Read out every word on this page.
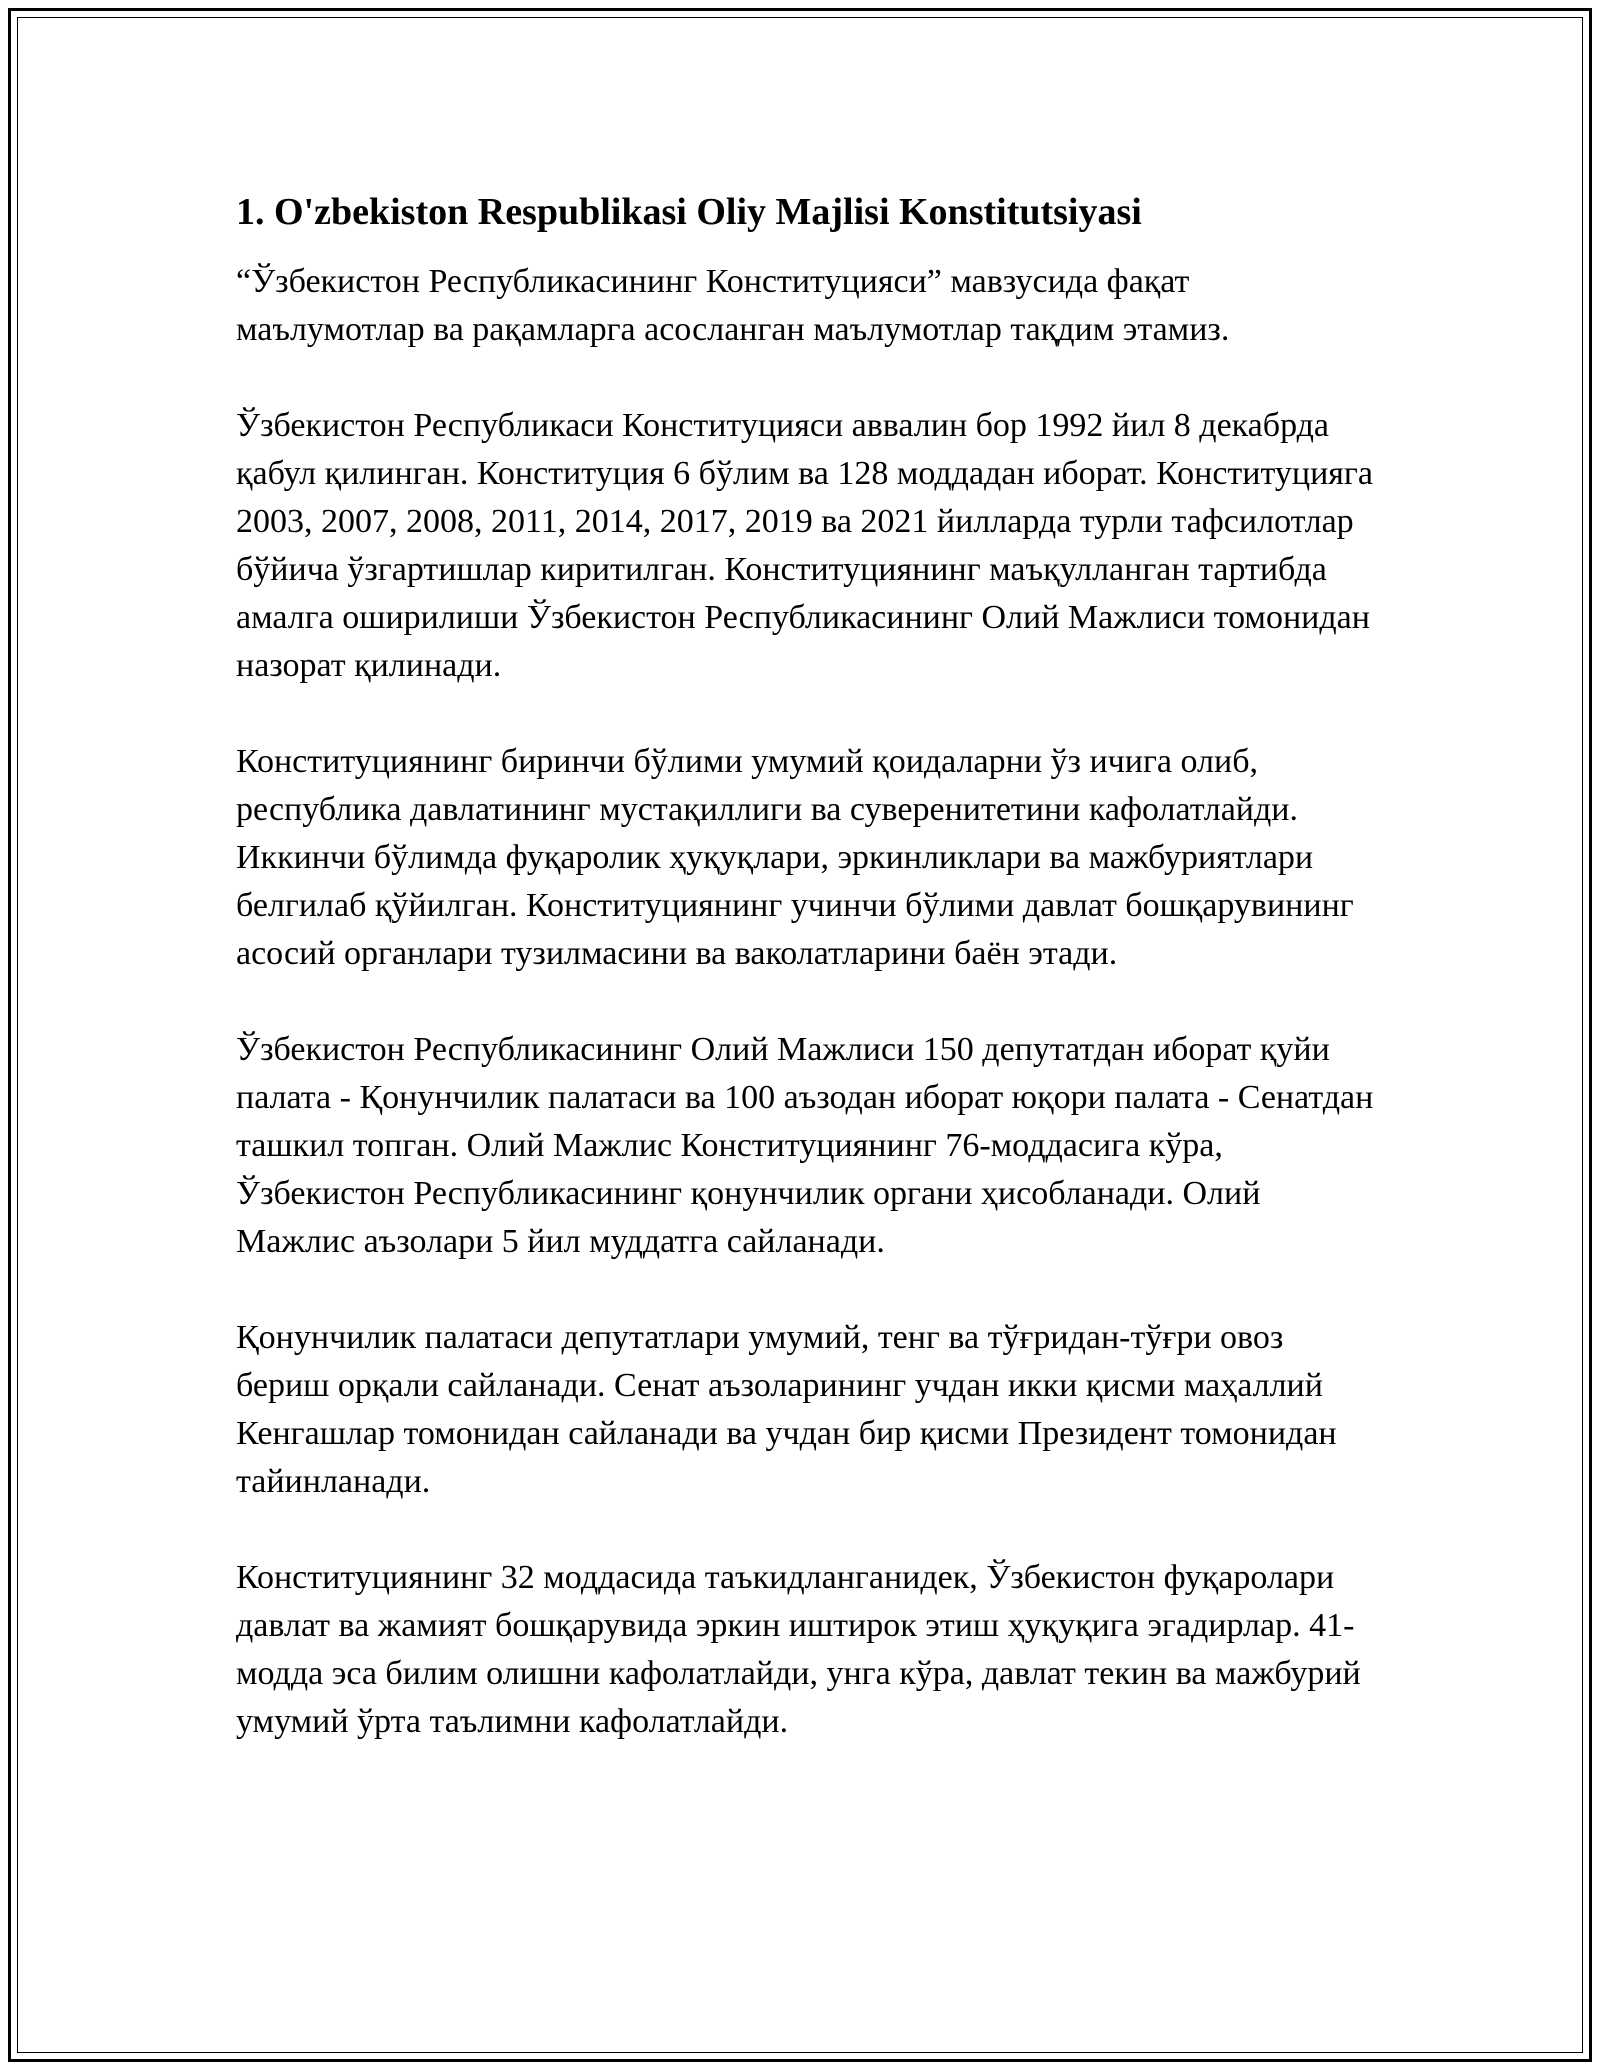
1. O'zbekiston Respublikasi Oliy Majlisi Konstitutsiyasi

“Ўзбекистон Республикасининг Конституцияси” мавзусида фақат маълумотлар ва рақамларга асосланган маълумотлар тақдим этамиз.

Ўзбекистон Республикаси Конституцияси аввалин бор 1992 йил 8 декабрда қабул қилинган. Конституция 6 бўлим ва 128 моддадан иборат. Конституцияга 2003, 2007, 2008, 2011, 2014, 2017, 2019 ва 2021 йилларда турли тафсилотлар бўйича ўзгартишлар киритилган. Конституциянинг маъқулланган тартибда амалга оширилиши Ўзбекистон Республикасининг Олий Мажлиси томонидан назорат қилинади.

Конституциянинг биринчи бўлими умумий қоидаларни ўз ичига олиб, республика давлатининг мустақиллиги ва суверенитетини кафолатлайди. Иккинчи бўлимда фуқаролик ҳуқуқлари, эркинликлари ва мажбуриятлари белгилаб қўйилган. Конституциянинг учинчи бўлими давлат бошқарувининг асосий органлари тузилмасини ва ваколатларини баён этади.

Ўзбекистон Республикасининг Олий Мажлиси 150 депутатдан иборат қуйи палата - Қонунчилик палатаси ва 100 аъзодан иборат юқори палата - Сенатдан ташкил топган. Олий Мажлис Конституциянинг 76-моддасига кўра, Ўзбекистон Республикасининг қонунчилик органи ҳисобланади. Олий Мажлис аъзолари 5 йил муддатга сайланади.

Қонунчилик палатаси депутатлари умумий, тенг ва тўғридан-тўғри овоз бериш орқали сайланади. Сенат аъзоларининг учдан икки қисми маҳаллий Кенгашлар томонидан сайланади ва учдан бир қисми Президент томонидан тайинланади.

Конституциянинг 32 моддасида таъкидланганидек, Ўзбекистон фуқаролари давлат ва жамият бошқарувида эркин иштирок этиш ҳуқуқига эгадирлар. 41-модда эса билим олишни кафолатлайди, унга кўра, давлат текин ва мажбурий умумий ўрта таълимни кафолатлайди.
